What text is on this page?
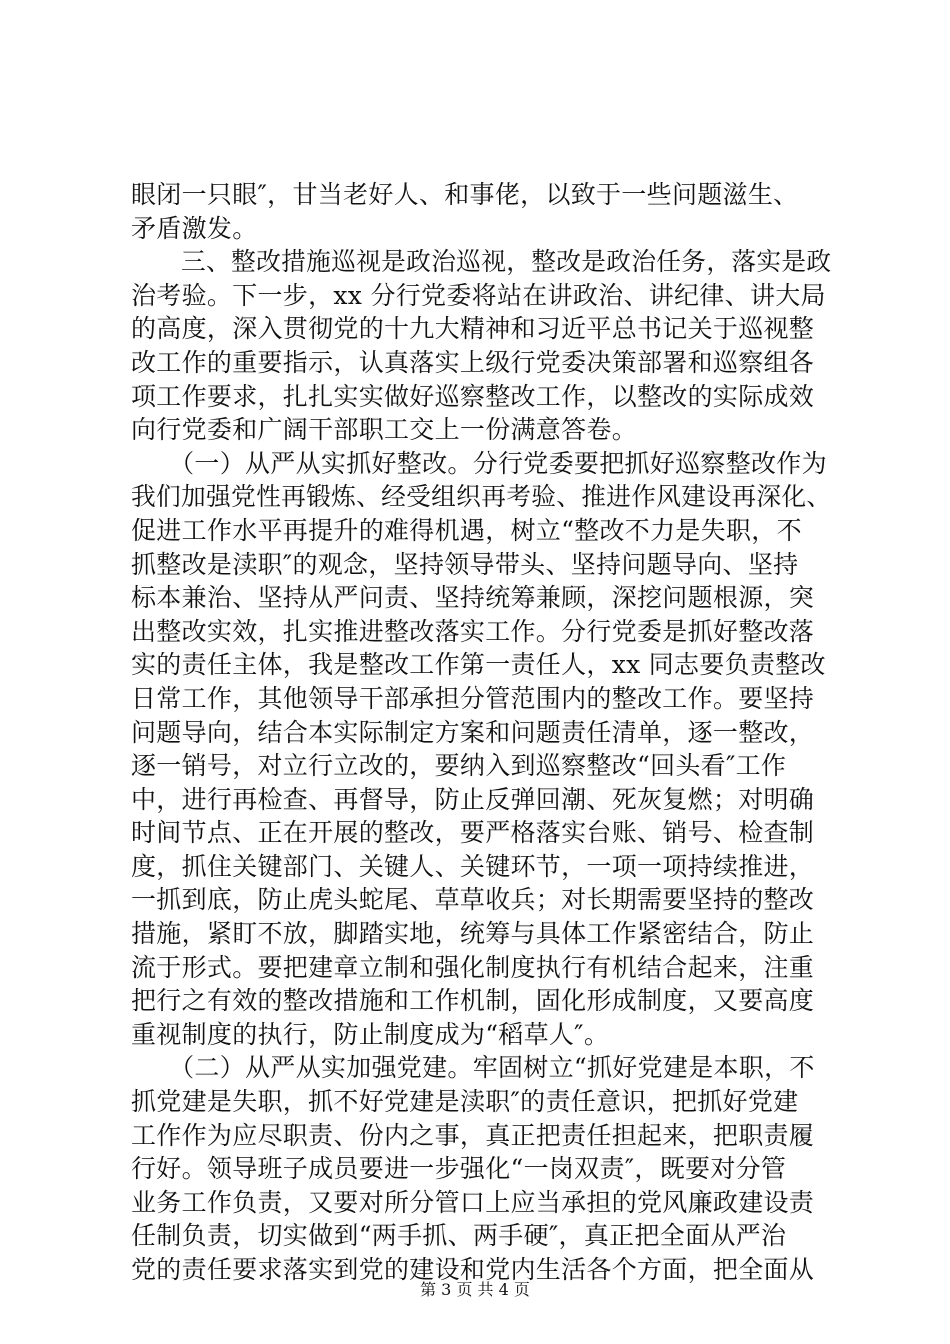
眼闭一只眼″，甘当老好人、和事佬，以致于一些问题滋生、
矛盾激发。
　　三、整改措施巡视是政治巡视，整改是政治任务，落实是政
治考验。下一步，xx 分行党委将站在讲政治、讲纪律、讲大局
的高度，深入贯彻党的十九大精神和习近平总书记关于巡视整
改工作的重要指示，认真落实上级行党委决策部署和巡察组各
项工作要求，扎扎实实做好巡察整改工作，以整改的实际成效
向行党委和广阔干部职工交上一份满意答卷。
　　（一）从严从实抓好整改。分行党委要把抓好巡察整改作为
我们加强党性再锻炼、经受组织再考验、推进作风建设再深化、
促进工作水平再提升的难得机遇，树立“整改不力是失职，不
抓整改是渎职″的观念，坚持领导带头、坚持问题导向、坚持
标本兼治、坚持从严问责、坚持统筹兼顾，深挖问题根源，突
出整改实效，扎实推进整改落实工作。分行党委是抓好整改落
实的责任主体，我是整改工作第一责任人，xx 同志要负责整改
日常工作，其他领导干部承担分管范围内的整改工作。要坚持
问题导向，结合本实际制定方案和问题责任清单，逐一整改，
逐一销号，对立行立改的，要纳入到巡察整改“回头看″工作
中，进行再检查、再督导，防止反弹回潮、死灰复燃；对明确
时间节点、正在开展的整改，要严格落实台账、销号、检查制
度，抓住关键部门、关键人、关键环节，一项一项持续推进，
一抓到底，防止虎头蛇尾、草草收兵；对长期需要坚持的整改
措施，紧盯不放，脚踏实地，统筹与具体工作紧密结合，防止
流于形式。要把建章立制和强化制度执行有机结合起来，注重
把行之有效的整改措施和工作机制，固化形成制度，又要高度
重视制度的执行，防止制度成为“稻草人″。
　　（二）从严从实加强党建。牢固树立“抓好党建是本职，不
抓党建是失职，抓不好党建是渎职″的责任意识，把抓好党建
工作作为应尽职责、份内之事，真正把责任担起来，把职责履
行好。领导班子成员要进一步强化“一岗双责″，既要对分管
业务工作负责，又要对所分管口上应当承担的党风廉政建设责
任制负责，切实做到“两手抓、两手硬″，真正把全面从严治
党的责任要求落实到党的建设和党内生活各个方面，把全面从
第 3 页 共 4 页
